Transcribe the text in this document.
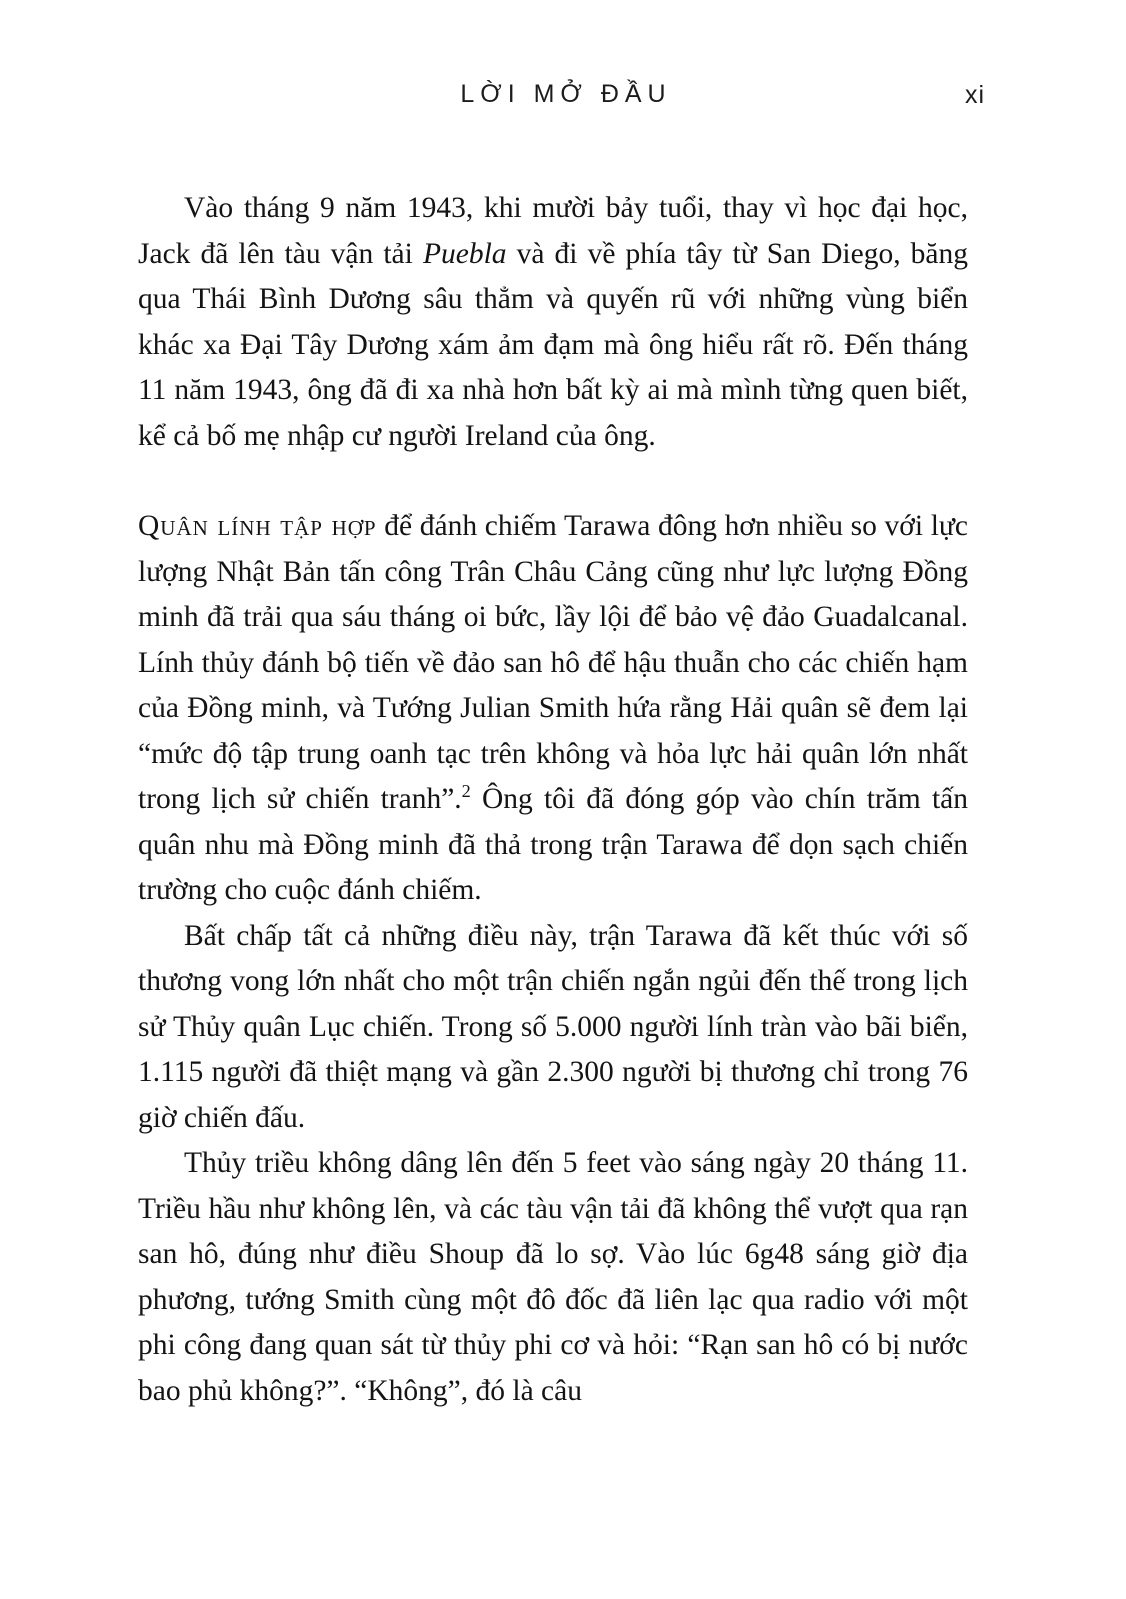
LỜI MỞ ĐẦU	xi

Vào tháng 9 năm 1943, khi mười bảy tuổi, thay vì học đại học, Jack đã lên tàu vận tải Puebla và đi về phía tây từ San Diego, băng qua Thái Bình Dương sâu thẳm và quyến rũ với những vùng biển khác xa Đại Tây Dương xám ảm đạm mà ông hiểu rất rõ. Đến tháng 11 năm 1943, ông đã đi xa nhà hơn bất kỳ ai mà mình từng quen biết, kể cả bố mẹ nhập cư người Ireland của ông.

Quân lính tập hợp để đánh chiếm Tarawa đông hơn nhiều so với lực lượng Nhật Bản tấn công Trân Châu Cảng cũng như lực lượng Đồng minh đã trải qua sáu tháng oi bức, lầy lội để bảo vệ đảo Guadalcanal. Lính thủy đánh bộ tiến về đảo san hô để hậu thuẫn cho các chiến hạm của Đồng minh, và Tướng Julian Smith hứa rằng Hải quân sẽ đem lại “mức độ tập trung oanh tạc trên không và hỏa lực hải quân lớn nhất trong lịch sử chiến tranh”.$^2$ Ông tôi đã đóng góp vào chín trăm tấn quân nhu mà Đồng minh đã thả trong trận Tarawa để dọn sạch chiến trường cho cuộc đánh chiếm.

Bất chấp tất cả những điều này, trận Tarawa đã kết thúc với số thương vong lớn nhất cho một trận chiến ngắn ngủi đến thế trong lịch sử Thủy quân Lục chiến. Trong số 5.000 người lính tràn vào bãi biển, 1.115 người đã thiệt mạng và gần 2.300 người bị thương chỉ trong 76 giờ chiến đấu.

Thủy triều không dâng lên đến 5 feet vào sáng ngày 20 tháng 11. Triều hầu như không lên, và các tàu vận tải đã không thể vượt qua rạn san hô, đúng như điều Shoup đã lo sợ. Vào lúc 6g48 sáng giờ địa phương, tướng Smith cùng một đô đốc đã liên lạc qua radio với một phi công đang quan sát từ thủy phi cơ và hỏi: “Rạn san hô có bị nước bao phủ không?”. “Không”, đó là câu
